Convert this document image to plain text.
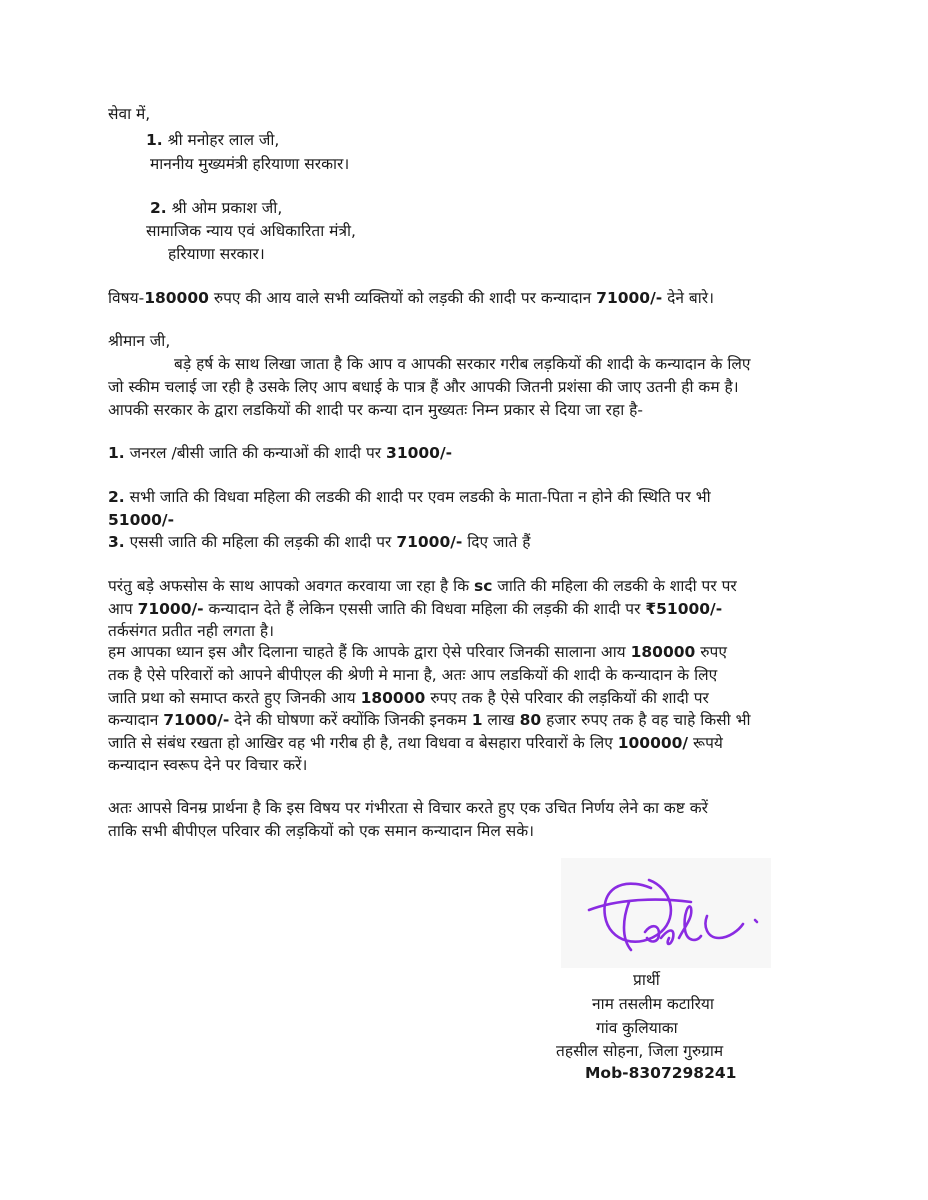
सेवा में,
1. श्री मनोहर लाल जी,
माननीय मुख्यमंत्री हरियाणा सरकार।
2. श्री ओम प्रकाश जी,
सामाजिक न्याय एवं अधिकारिता मंत्री,
हरियाणा सरकार।
विषय-180000 रुपए की आय वाले सभी व्यक्तियों को लड़की की शादी पर कन्यादान 71000/- देने बारे।
श्रीमान जी,
बड़े हर्ष के साथ लिखा जाता है कि आप व आपकी सरकार गरीब लड़कियों की शादी के कन्यादान के लिए
जो स्कीम चलाई जा रही है उसके लिए आप बधाई के पात्र हैं और आपकी जितनी प्रशंसा की जाए उतनी ही कम है।
आपकी सरकार के द्वारा लडकियों की शादी पर कन्या दान मुख्यतः निम्न प्रकार से दिया जा रहा है-
1. जनरल /बीसी जाति की कन्याओं की शादी पर 31000/-
2. सभी जाति की विधवा महिला की लडकी की शादी पर एवम लडकी के माता-पिता न होने की स्थिति पर भी
51000/-
3. एससी जाति की महिला की लड़की की शादी पर 71000/- दिए जाते हैं
परंतु बड़े अफसोस के साथ आपको अवगत करवाया जा रहा है कि sc जाति की महिला की लडकी के शादी पर पर
आप 71000/- कन्यादान देते हैं लेकिन एससी जाति की विधवा महिला की लड़की की शादी पर ₹51000/-
तर्कसंगत प्रतीत नही लगता है।
हम आपका ध्यान इस और दिलाना चाहते हैं कि आपके द्वारा ऐसे परिवार जिनकी सालाना आय 180000 रुपए
तक है ऐसे परिवारों को आपने बीपीएल की श्रेणी मे माना है, अतः आप लडकियों की शादी के कन्यादान के लिए
जाति प्रथा को समाप्त करते हुए जिनकी आय 180000 रुपए तक है ऐसे परिवार की लड़कियों की शादी पर
कन्यादान 71000/- देने की घोषणा करें क्योंकि जिनकी इनकम 1 लाख 80 हजार रुपए तक है वह चाहे किसी भी
जाति से संबंध रखता हो आखिर वह भी गरीब ही है, तथा विधवा व बेसहारा परिवारों के लिए 100000/ रूपये
कन्यादान स्वरूप देने पर विचार करें।
अतः आपसे विनम्र प्रार्थना है कि इस विषय पर गंभीरता से विचार करते हुए एक उचित निर्णय लेने का कष्ट करें
ताकि सभी बीपीएल परिवार की लड़कियों को एक समान कन्यादान मिल सके।
प्रार्थी
नाम तसलीम कटारिया
गांव कुलियाका
तहसील सोहना, जिला गुरुग्राम
Mob-8307298241
